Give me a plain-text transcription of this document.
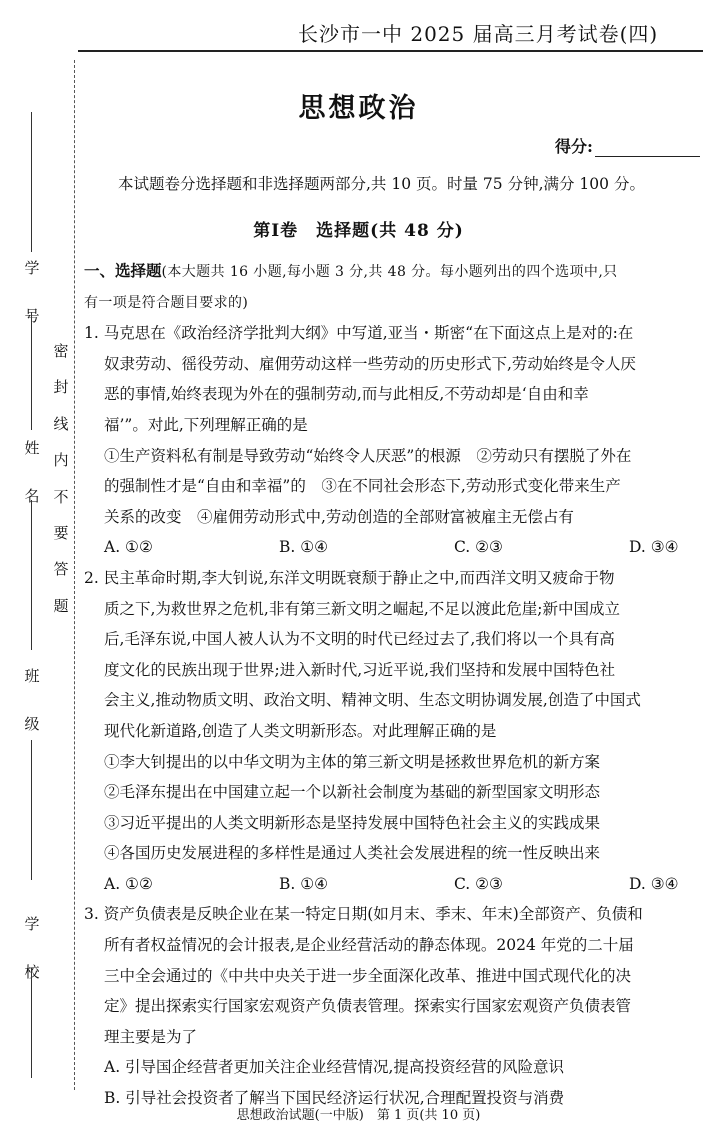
学

号
姓

名
班

级
学

校
密
封
线
内
不
要
答
题
长沙市一中 2025 届高三月考试卷(四)
思想政治
得分:
本试题卷分选择题和非选择题两部分,共 10 页。时量 75 分钟,满分 100 分。
第Ⅰ卷　选择题(共 48 分)
一、选择题(本大题共 16 小题,每小题 3 分,共 48 分。每小题列出的四个选项中,只
有一项是符合题目要求的)
1. 马克思在《政治经济学批判大纲》中写道,亚当・斯密“在下面这点上是对的:在
奴隶劳动、徭役劳动、雇佣劳动这样一些劳动的历史形式下,劳动始终是令人厌
恶的事情,始终表现为外在的强制劳动,而与此相反,不劳动却是‘自由和幸
福’”。对此,下列理解正确的是
①生产资料私有制是导致劳动“始终令人厌恶”的根源　②劳动只有摆脱了外在
的强制性才是“自由和幸福”的　③在不同社会形态下,劳动形式变化带来生产
关系的改变　④雇佣劳动形式中,劳动创造的全部财富被雇主无偿占有
A. ①②	B. ①④	C. ②③	D. ③④
2. 民主革命时期,李大钊说,东洋文明既衰颓于静止之中,而西洋文明又疲命于物
质之下,为救世界之危机,非有第三新文明之崛起,不足以渡此危崖;新中国成立
后,毛泽东说,中国人被人认为不文明的时代已经过去了,我们将以一个具有高
度文化的民族出现于世界;进入新时代,习近平说,我们坚持和发展中国特色社
会主义,推动物质文明、政治文明、精神文明、生态文明协调发展,创造了中国式
现代化新道路,创造了人类文明新形态。对此理解正确的是
①李大钊提出的以中华文明为主体的第三新文明是拯救世界危机的新方案
②毛泽东提出在中国建立起一个以新社会制度为基础的新型国家文明形态
③习近平提出的人类文明新形态是坚持发展中国特色社会主义的实践成果
④各国历史发展进程的多样性是通过人类社会发展进程的统一性反映出来
A. ①②	B. ①④	C. ②③	D. ③④
3. 资产负债表是反映企业在某一特定日期(如月末、季末、年末)全部资产、负债和
所有者权益情况的会计报表,是企业经营活动的静态体现。2024 年党的二十届
三中全会通过的《中共中央关于进一步全面深化改革、推进中国式现代化的决
定》提出探索实行国家宏观资产负债表管理。探索实行国家宏观资产负债表管
理主要是为了
A. 引导国企经营者更加关注企业经营情况,提高投资经营的风险意识
B. 引导社会投资者了解当下国民经济运行状况,合理配置投资与消费
思想政治试题(一中版)　第 1 页(共 10 页)
